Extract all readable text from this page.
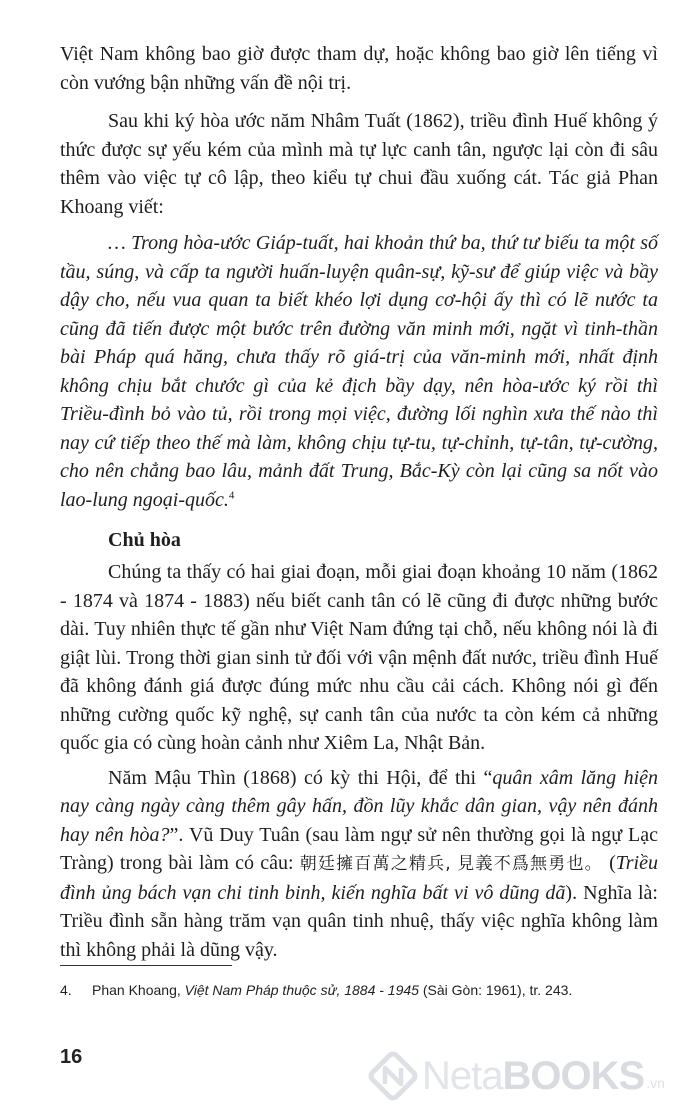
Việt Nam không bao giờ được tham dự, hoặc không bao giờ lên tiếng vì còn vướng bận những vấn đề nội trị.

Sau khi ký hòa ước năm Nhâm Tuất (1862), triều đình Huế không ý thức được sự yếu kém của mình mà tự lực canh tân, ngược lại còn đi sâu thêm vào việc tự cô lập, theo kiểu tự chui đầu xuống cát. Tác giả Phan Khoang viết:

… Trong hòa-ước Giáp-tuất, hai khoản thứ ba, thứ tư biếu ta một số tầu, súng, và cấp ta người huấn-luyện quân-sự, kỹ-sư để giúp việc và bầy dậy cho, nếu vua quan ta biết khéo lợi dụng cơ-hội ấy thì có lẽ nước ta cũng đã tiến được một bước trên đường văn minh mới, ngặt vì tinh-thần bài Pháp quá hăng, chưa thấy rõ giá-trị của văn-minh mới, nhất định không chịu bắt chước gì của kẻ địch bầy dạy, nên hòa-ước ký rồi thì Triều-đình bỏ vào tủ, rồi trong mọi việc, đường lối nghìn xưa thế nào thì nay cứ tiếp theo thế mà làm, không chịu tự-tu, tự-chỉnh, tự-tân, tự-cường, cho nên chẳng bao lâu, mảnh đất Trung, Bắc-Kỳ còn lại cũng sa nốt vào lao-lung ngoại-quốc.$^4$

Chủ hòa

Chúng ta thấy có hai giai đoạn, mỗi giai đoạn khoảng 10 năm (1862 - 1874 và 1874 - 1883) nếu biết canh tân có lẽ cũng đi được những bước dài. Tuy nhiên thực tế gần như Việt Nam đứng tại chỗ, nếu không nói là đi giật lùi. Trong thời gian sinh tử đối với vận mệnh đất nước, triều đình Huế đã không đánh giá được đúng mức nhu cầu cải cách. Không nói gì đến những cường quốc kỹ nghệ, sự canh tân của nước ta còn kém cả những quốc gia có cùng hoàn cảnh như Xiêm La, Nhật Bản.

Năm Mậu Thìn (1868) có kỳ thi Hội, để thi “quân xâm lăng hiện nay càng ngày càng thêm gây hấn, đồn lũy khắc dân gian, vậy nên đánh hay nên hòa?”. Vũ Duy Tuân (sau làm ngự sử nên thường gọi là ngự Lạc Tràng) trong bài làm có câu: 朝廷擁百萬之精兵, 見義不爲無勇也。 (Triều đình ủng bách vạn chi tinh binh, kiến nghĩa bất vi vô dũng dã). Nghĩa là: Triều đình sẵn hàng trăm vạn quân tinh nhuệ, thấy việc nghĩa không làm thì không phải là dũng vậy.

4. Phan Khoang, Việt Nam Pháp thuộc sử, 1884 - 1945 (Sài Gòn: 1961), tr. 243.
16	NetaBOOKS .vn
